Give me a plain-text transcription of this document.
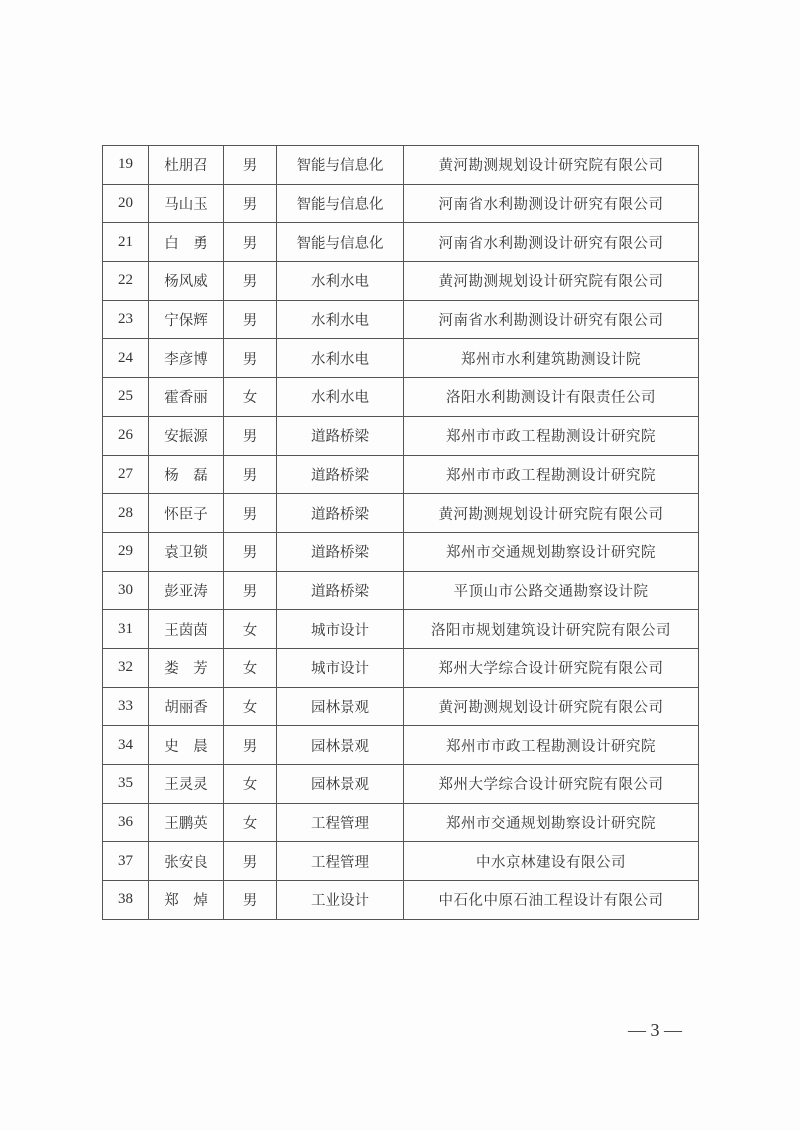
19	杜朋召	男	智能与信息化	黄河勘测规划设计研究院有限公司
20	马山玉	男	智能与信息化	河南省水利勘测设计研究有限公司
21	白　勇	男	智能与信息化	河南省水利勘测设计研究有限公司
22	杨风威	男	水利水电	黄河勘测规划设计研究院有限公司
23	宁保辉	男	水利水电	河南省水利勘测设计研究有限公司
24	李彦博	男	水利水电	郑州市水利建筑勘测设计院
25	霍香丽	女	水利水电	洛阳水利勘测设计有限责任公司
26	安振源	男	道路桥梁	郑州市市政工程勘测设计研究院
27	杨　磊	男	道路桥梁	郑州市市政工程勘测设计研究院
28	怀臣子	男	道路桥梁	黄河勘测规划设计研究院有限公司
29	袁卫锁	男	道路桥梁	郑州市交通规划勘察设计研究院
30	彭亚涛	男	道路桥梁	平顶山市公路交通勘察设计院
31	王茵茵	女	城市设计	洛阳市规划建筑设计研究院有限公司
32	娄　芳	女	城市设计	郑州大学综合设计研究院有限公司
33	胡丽香	女	园林景观	黄河勘测规划设计研究院有限公司
34	史　晨	男	园林景观	郑州市市政工程勘测设计研究院
35	王灵灵	女	园林景观	郑州大学综合设计研究院有限公司
36	王鹏英	女	工程管理	郑州市交通规划勘察设计研究院
37	张安良	男	工程管理	中水京林建设有限公司
38	郑　焯	男	工业设计	中石化中原石油工程设计有限公司
— 3 —
